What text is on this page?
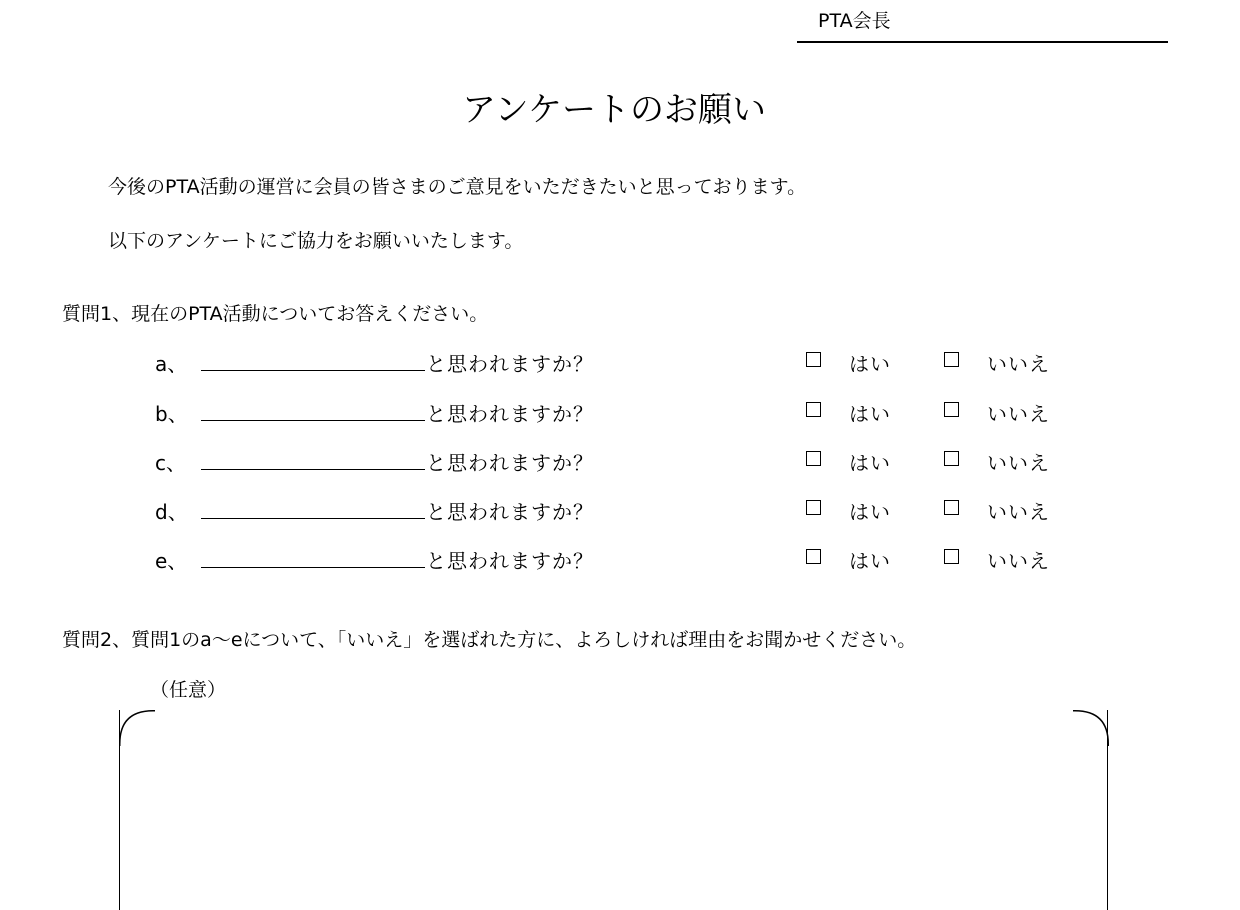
PTA会長
アンケートのお願い
今後のPTA活動の運営に会員の皆さまのご意見をいただきたいと思っております。
以下のアンケートにご協力をお願いいたします。
質問1、現在のPTA活動についてお答えください。
a、	と思われますか？	はい	いいえ
b、	と思われますか？	はい	いいえ
c、	と思われますか？	はい	いいえ
d、	と思われますか？	はい	いいえ
e、	と思われますか？	はい	いいえ
質問2、質問1のa～eについて、「いいえ」を選ばれた方に、よろしければ理由をお聞かせください。
（任意）
